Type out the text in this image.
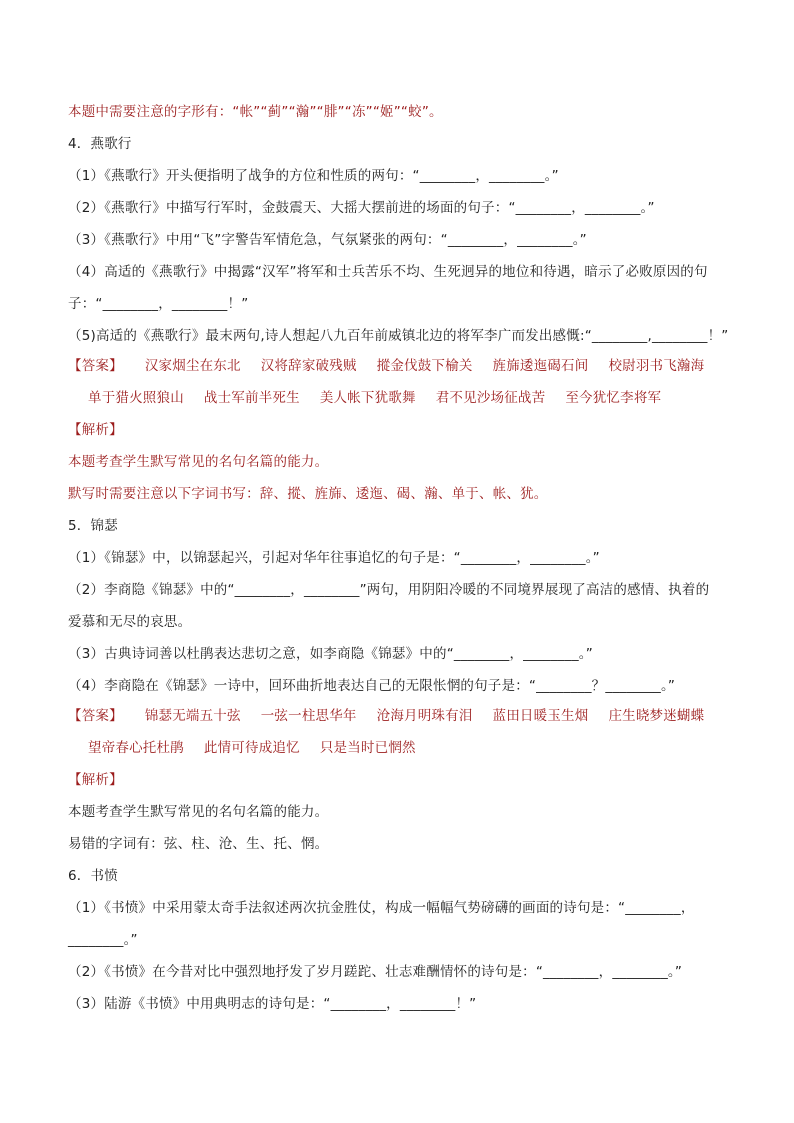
本题中需要注意的字形有：“帐”“蓟”“瀚”“腓”“冻”“姬”“蛟”。
4．燕歌行
（1）《燕歌行》开头便指明了战争的方位和性质的两句：“________，________。”
（2）《燕歌行》中描写行军时，金鼓震天、大摇大摆前进的场面的句子：“________，________。”
（3）《燕歌行》中用“飞”字警告军情危急，气氛紧张的两句：“________，________。”
（4）高适的《燕歌行》中揭露“汉军”将军和士兵苦乐不均、生死迥异的地位和待遇，暗示了必败原因的句
子：“________，________！”
（5)高适的《燕歌行》最末两句,诗人想起八九百年前威镇北边的将军李广而发出感慨:“________,________！”
【答案】 汉家烟尘在东北 汉将辞家破残贼 摐金伐鼓下榆关 旌旆逶迤碣石间 校尉羽书飞瀚海
单于猎火照狼山 战士军前半死生 美人帐下犹歌舞 君不见沙场征战苦 至今犹忆李将军
【解析】
本题考查学生默写常见的名句名篇的能力。
默写时需要注意以下字词书写：辞、摐、旌旆、逶迤、碣、瀚、单于、帐、犹。
5．锦瑟
（1）《锦瑟》中，以锦瑟起兴，引起对华年往事追忆的句子是：“________，________。”
（2）李商隐《锦瑟》中的“________，________”两句，用阴阳冷暖的不同境界展现了高洁的感情、执着的
爱慕和无尽的哀思。
（3）古典诗词善以杜鹃表达悲切之意，如李商隐《锦瑟》中的“________，________。”
（4）李商隐在《锦瑟》一诗中，回环曲折地表达自己的无限怅惘的句子是：“________？________。”
【答案】 锦瑟无端五十弦 一弦一柱思华年 沧海月明珠有泪 蓝田日暖玉生烟 庄生晓梦迷蝴蝶
望帝春心托杜鹃 此情可待成追忆 只是当时已惘然
【解析】
本题考查学生默写常见的名句名篇的能力。
易错的字词有：弦、柱、沧、生、托、惘。
6．书愤
（1）《书愤》中采用蒙太奇手法叙述两次抗金胜仗，构成一幅幅气势磅礴的画面的诗句是：“________，
________。”
（2）《书愤》在今昔对比中强烈地抒发了岁月蹉跎、壮志难酬情怀的诗句是：“________，________。”
（3）陆游《书愤》中用典明志的诗句是：“________，________！”
